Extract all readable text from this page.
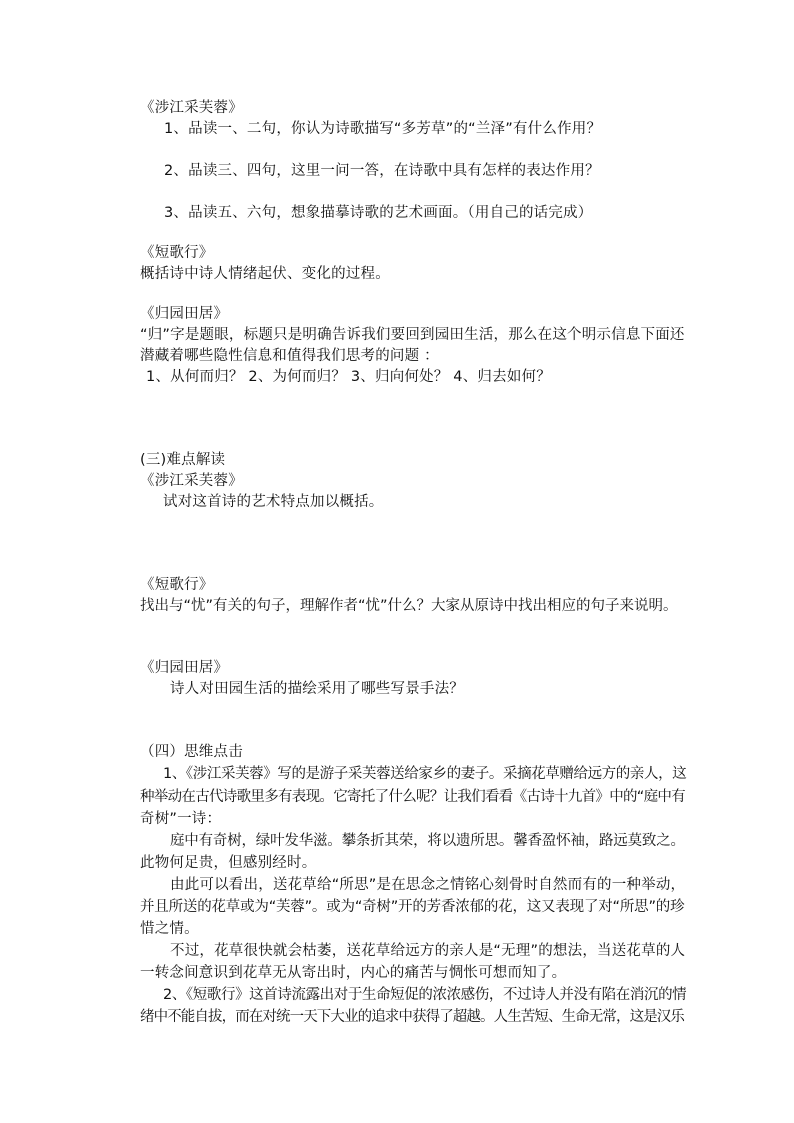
《涉江采芙蓉》
1、品读一、二句，你认为诗歌描写“多芳草”的“兰泽”有什么作用？
2、品读三、四句，这里一问一答，在诗歌中具有怎样的表达作用？
3、品读五、六句，想象描摹诗歌的艺术画面。（用自己的话完成）
《短歌行》
概括诗中诗人情绪起伏、变化的过程。
《归园田居》
“归”字是题眼，标题只是明确告诉我们要回到园田生活，那么在这个明示信息下面还
潜藏着哪些隐性信息和值得我们思考的问题 ：
1、从何而归？ 2、为何而归？ 3、归向何处？ 4、归去如何？
(三)难点解读
《涉江采芙蓉》
试对这首诗的艺术特点加以概括。
《短歌行》
找出与“忧”有关的句子，理解作者“忧”什么？大家从原诗中找出相应的句子来说明。
《归园田居》
诗人对田园生活的描绘采用了哪些写景手法？
（四）思维点击
1、《涉江采芙蓉》写的是游子采芙蓉送给家乡的妻子。采摘花草赠给远方的亲人，这
种举动在古代诗歌里多有表现。它寄托了什么呢？让我们看看《古诗十九首》中的“庭中有
奇树”一诗：
庭中有奇树，绿叶发华滋。攀条折其荣，将以遗所思。馨香盈怀袖，路远莫致之。
此物何足贵，但感别经时。
由此可以看出，送花草给“所思”是在思念之情铭心刻骨时自然而有的一种举动，
并且所送的花草或为“芙蓉”。或为“奇树”开的芳香浓郁的花，这又表现了对“所思”的珍
惜之情。
不过，花草很快就会枯萎，送花草给远方的亲人是“无理”的想法，当送花草的人
一转念间意识到花草无从寄出时，内心的痛苦与惆怅可想而知了。
2、《短歌行》这首诗流露出对于生命短促的浓浓感伤，不过诗人并没有陷在消沉的情
绪中不能自拔，而在对统一天下大业的追求中获得了超越。人生苦短、生命无常，这是汉乐
